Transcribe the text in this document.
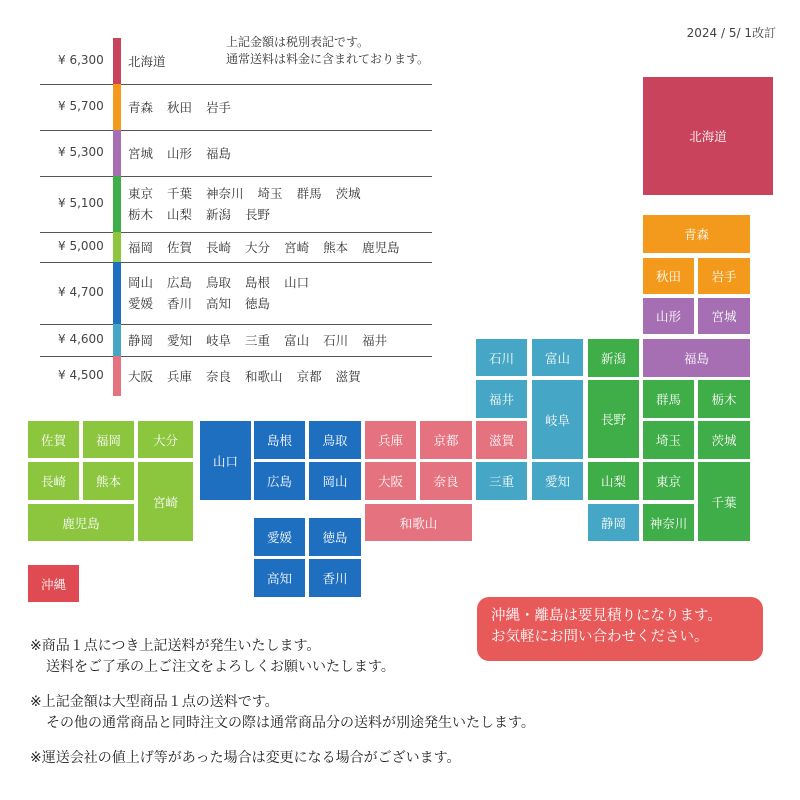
2024 / 5/ 1改訂
上記金額は税別表記です。
通常送料は料金に含まれております。
¥ 6,300	北海道
¥ 5,700	青森 秋田 岩手
¥ 5,300	宮城 山形 福島
¥ 5,100
東京 千葉 神奈川 埼玉 群馬 茨城
栃木 山梨 新潟 長野
¥ 5,000	福岡 佐賀 長崎 大分 宮崎 熊本 鹿児島
¥ 4,700
岡山 広島 鳥取 島根 山口
愛媛 香川 高知 徳島
¥ 4,600	静岡 愛知 岐阜 三重 富山 石川 福井
¥ 4,500	大阪 兵庫 奈良 和歌山 京都 滋賀
北海道
青森
秋田	岩手
山形	宮城
福島
新潟
長野
群馬	栃木
埼玉	茨城
山梨	東京
千葉
神奈川
石川	富山
福井
岐阜
三重	愛知
静岡
兵庫	京都	滋賀
大阪	奈良
和歌山
山口
島根	鳥取
広島	岡山
愛媛	徳島
高知	香川
佐賀	福岡	大分
長崎	熊本
宮崎
鹿児島
沖縄
沖縄・離島は要見積りになります。
お気軽にお問い合わせください。
※商品１点につき上記送料が発生いたします。
送料をご了承の上ご注文をよろしくお願いいたします。
※上記金額は大型商品１点の送料です。
その他の通常商品と同時注文の際は通常商品分の送料が別途発生いたします。
※運送会社の値上げ等があった場合は変更になる場合がございます。
